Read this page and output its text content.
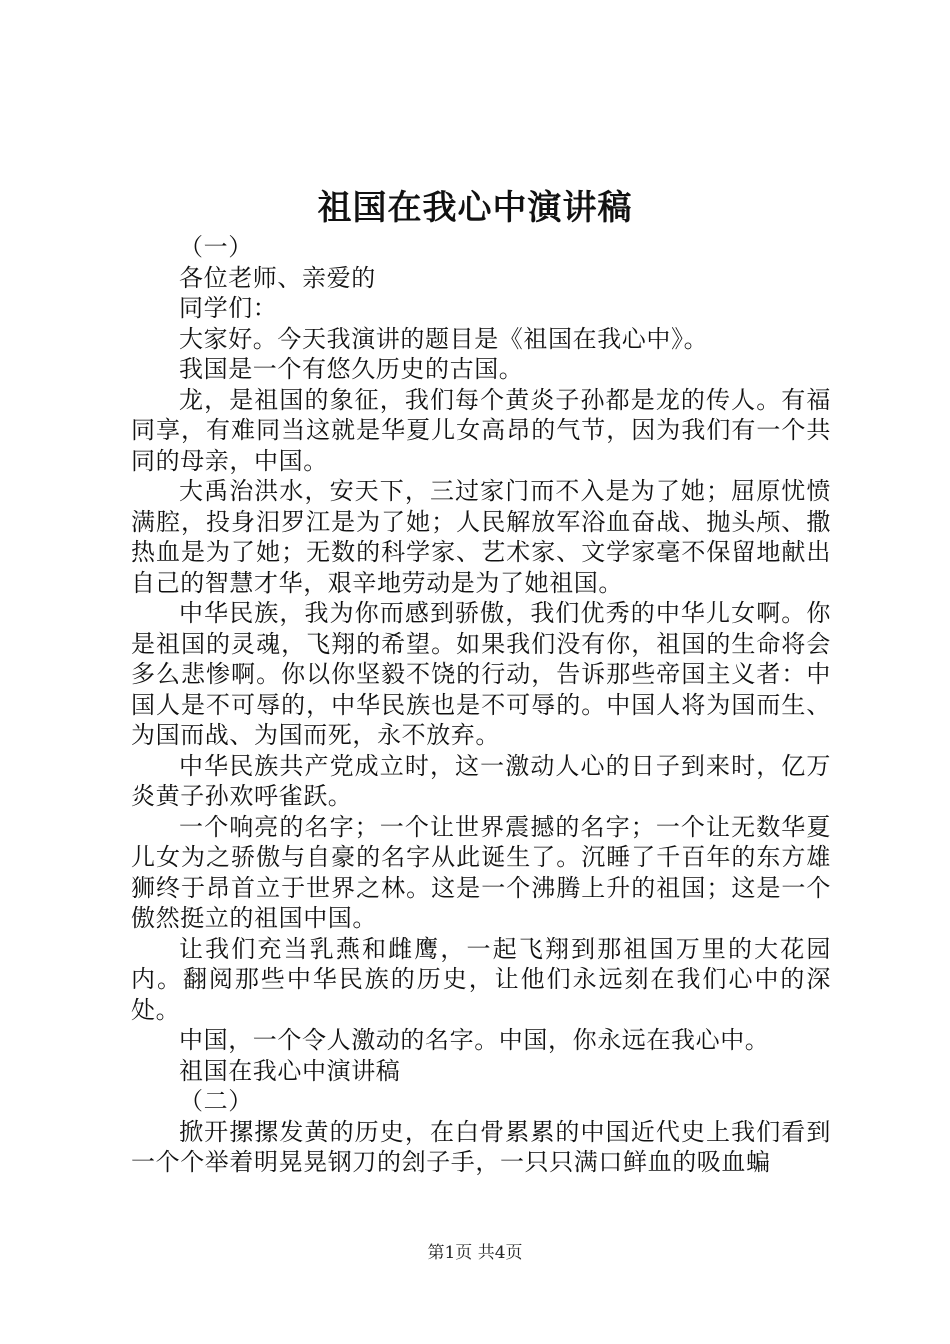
祖国在我心中演讲稿

（一）

各位老师、亲爱的

同学们：

大家好。今天我演讲的题目是《祖国在我心中》。

我国是一个有悠久历史的古国。

龙，是祖国的象征，我们每个黄炎子孙都是龙的传人。有福同享，有难同当这就是华夏儿女高昂的气节，因为我们有一个共同的母亲，中国。

大禹治洪水，安天下，三过家门而不入是为了她；屈原忧愤满腔，投身汨罗江是为了她；人民解放军浴血奋战、抛头颅、撒热血是为了她；无数的科学家、艺术家、文学家毫不保留地献出自己的智慧才华，艰辛地劳动是为了她祖国。

中华民族，我为你而感到骄傲，我们优秀的中华儿女啊。你是祖国的灵魂，飞翔的希望。如果我们没有你，祖国的生命将会多么悲惨啊。你以你坚毅不饶的行动，告诉那些帝国主义者：中国人是不可辱的，中华民族也是不可辱的。中国人将为国而生、为国而战、为国而死，永不放弃。

中华民族共产党成立时，这一激动人心的日子到来时，亿万炎黄子孙欢呼雀跃。

一个响亮的名字；一个让世界震撼的名字；一个让无数华夏儿女为之骄傲与自豪的名字从此诞生了。沉睡了千百年的东方雄狮终于昂首立于世界之林。这是一个沸腾上升的祖国；这是一个傲然挺立的祖国中国。

让我们充当乳燕和雌鹰，一起飞翔到那祖国万里的大花园内。翻阅那些中华民族的历史，让他们永远刻在我们心中的深处。

中国，一个令人激动的名字。中国，你永远在我心中。

祖国在我心中演讲稿

（二）

掀开摞摞发黄的历史，在白骨累累的中国近代史上我们看到一个个举着明晃晃钢刀的刽子手，一只只满口鲜血的吸血蝙

第1页 共4页
